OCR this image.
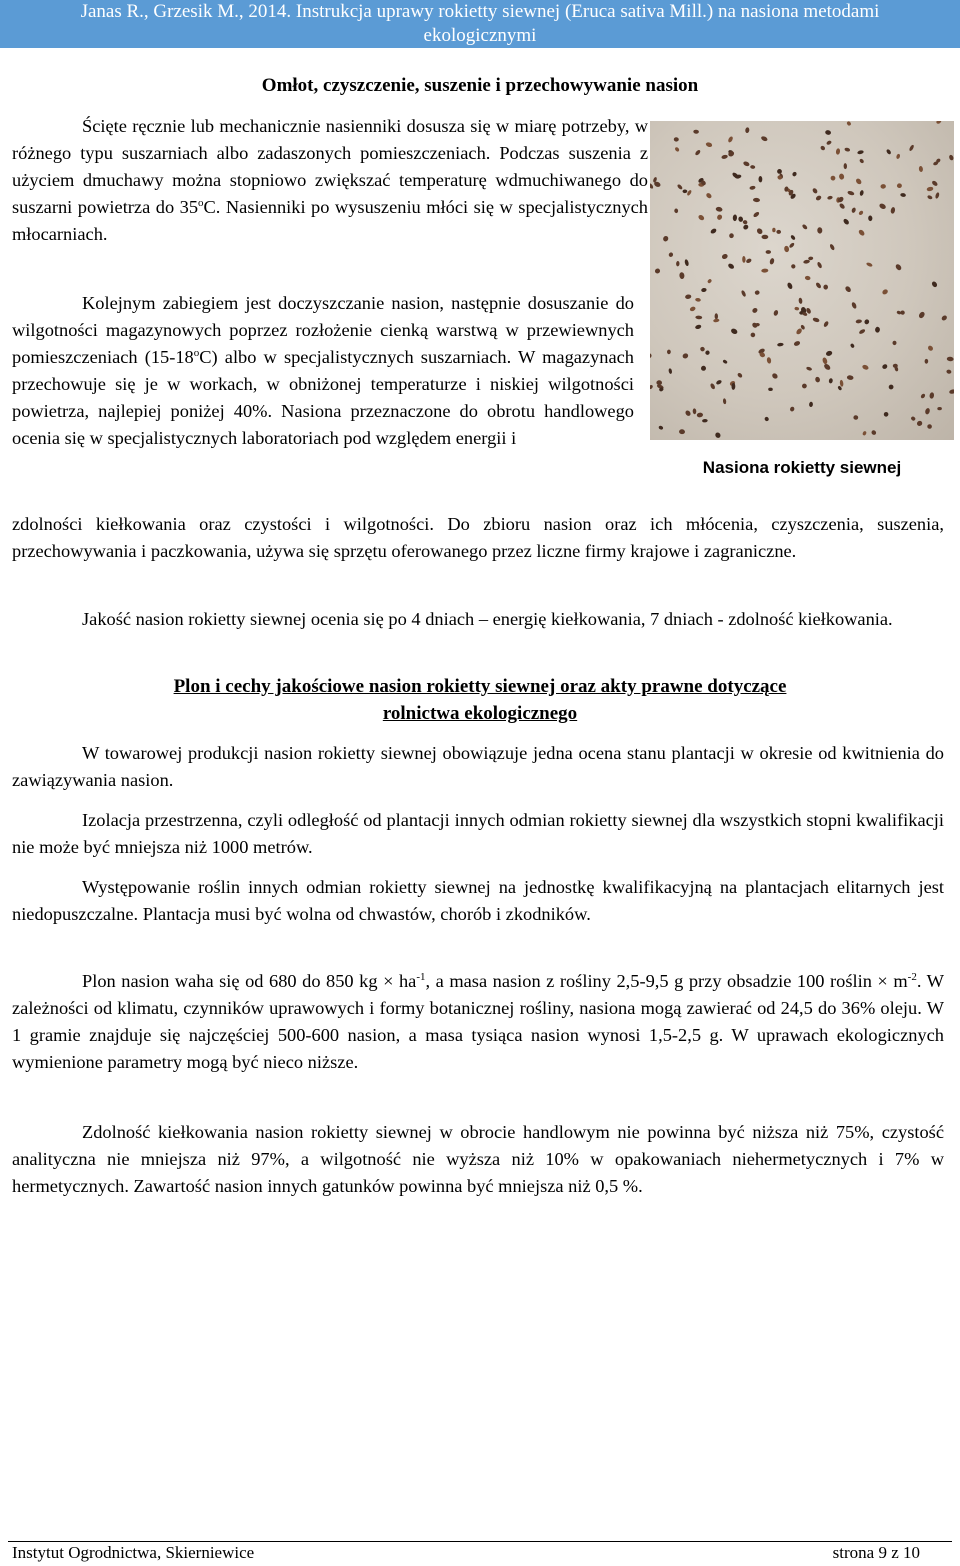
Janas R., Grzesik M., 2014. Instrukcja uprawy rokietty siewnej (Eruca sativa Mill.) na nasiona metodami
ekologicznymi
Omłot, czyszczenie, suszenie i przechowywanie nasion
Ścięte ręcznie lub mechanicznie nasienniki dosusza się w miarę potrzeby, w różnego typu suszarniach albo zadaszonych pomieszczeniach. Podczas suszenia z użyciem dmuchawy można stopniowo zwiększać temperaturę wdmuchiwanego do suszarni powietrza do 35$^o$C. Nasienniki po wysuszeniu młóci się w specjalistycznych młocarniach.
Kolejnym zabiegiem jest doczyszczanie nasion, następnie dosuszanie do wilgotności magazynowych poprzez rozłożenie cienką warstwą w przewiewnych pomieszczeniach (15-18$^o$C) albo w specjalistycznych suszarniach. W magazynach przechowuje się je w workach, w obniżonej temperaturze i niskiej wilgotności powietrza, najlepiej poniżej 40%. Nasiona przeznaczone do obrotu handlowego ocenia się w specjalistycznych laboratoriach pod względem energii i
zdolności kiełkowania oraz czystości i wilgotności. Do zbioru nasion oraz ich młócenia, czyszczenia, suszenia, przechowywania i paczkowania, używa się sprzętu oferowanego przez liczne firmy krajowe i zagraniczne.
Nasiona rokietty siewnej
Jakość nasion rokietty siewnej ocenia się po 4 dniach – energię kiełkowania, 7 dniach - zdolność kiełkowania.
Plon i cechy jakościowe nasion rokietty siewnej oraz akty prawne dotyczące
rolnictwa ekologicznego
W towarowej produkcji nasion rokietty siewnej obowiązuje jedna ocena stanu plantacji w okresie od kwitnienia do zawiązywania nasion.
Izolacja przestrzenna, czyli odległość od plantacji innych odmian rokietty siewnej dla wszystkich stopni kwalifikacji nie może być mniejsza niż 1000 metrów.
Występowanie roślin innych odmian rokietty siewnej na jednostkę kwalifikacyjną na plantacjach elitarnych jest niedopuszczalne. Plantacja musi być wolna od chwastów, chorób i zkodników.
Plon nasion waha się od 680 do 850 kg × $ha^{-1}$, a masa nasion z rośliny 2,5-9,5 g przy obsadzie 100 roślin × $m^{-2}$. W zależności od klimatu, czynników uprawowych i formy botanicznej rośliny, nasiona mogą zawierać od 24,5 do 36% oleju. W 1 gramie znajduje się najczęściej 500-600 nasion, a masa tysiąca nasion wynosi 1,5-2,5 g. W uprawach ekologicznych wymienione parametry mogą być nieco niższe.
Zdolność kiełkowania nasion rokietty siewnej w obrocie handlowym nie powinna być niższa niż 75%, czystość analityczna nie mniejsza niż 97%, a wilgotność nie wyższa niż 10% w opakowaniach niehermetycznych i 7% w hermetycznych. Zawartość nasion innych gatunków powinna być mniejsza niż 0,5 %.
Instytut Ogrodnictwa, Skierniewice	strona 9 z 10
